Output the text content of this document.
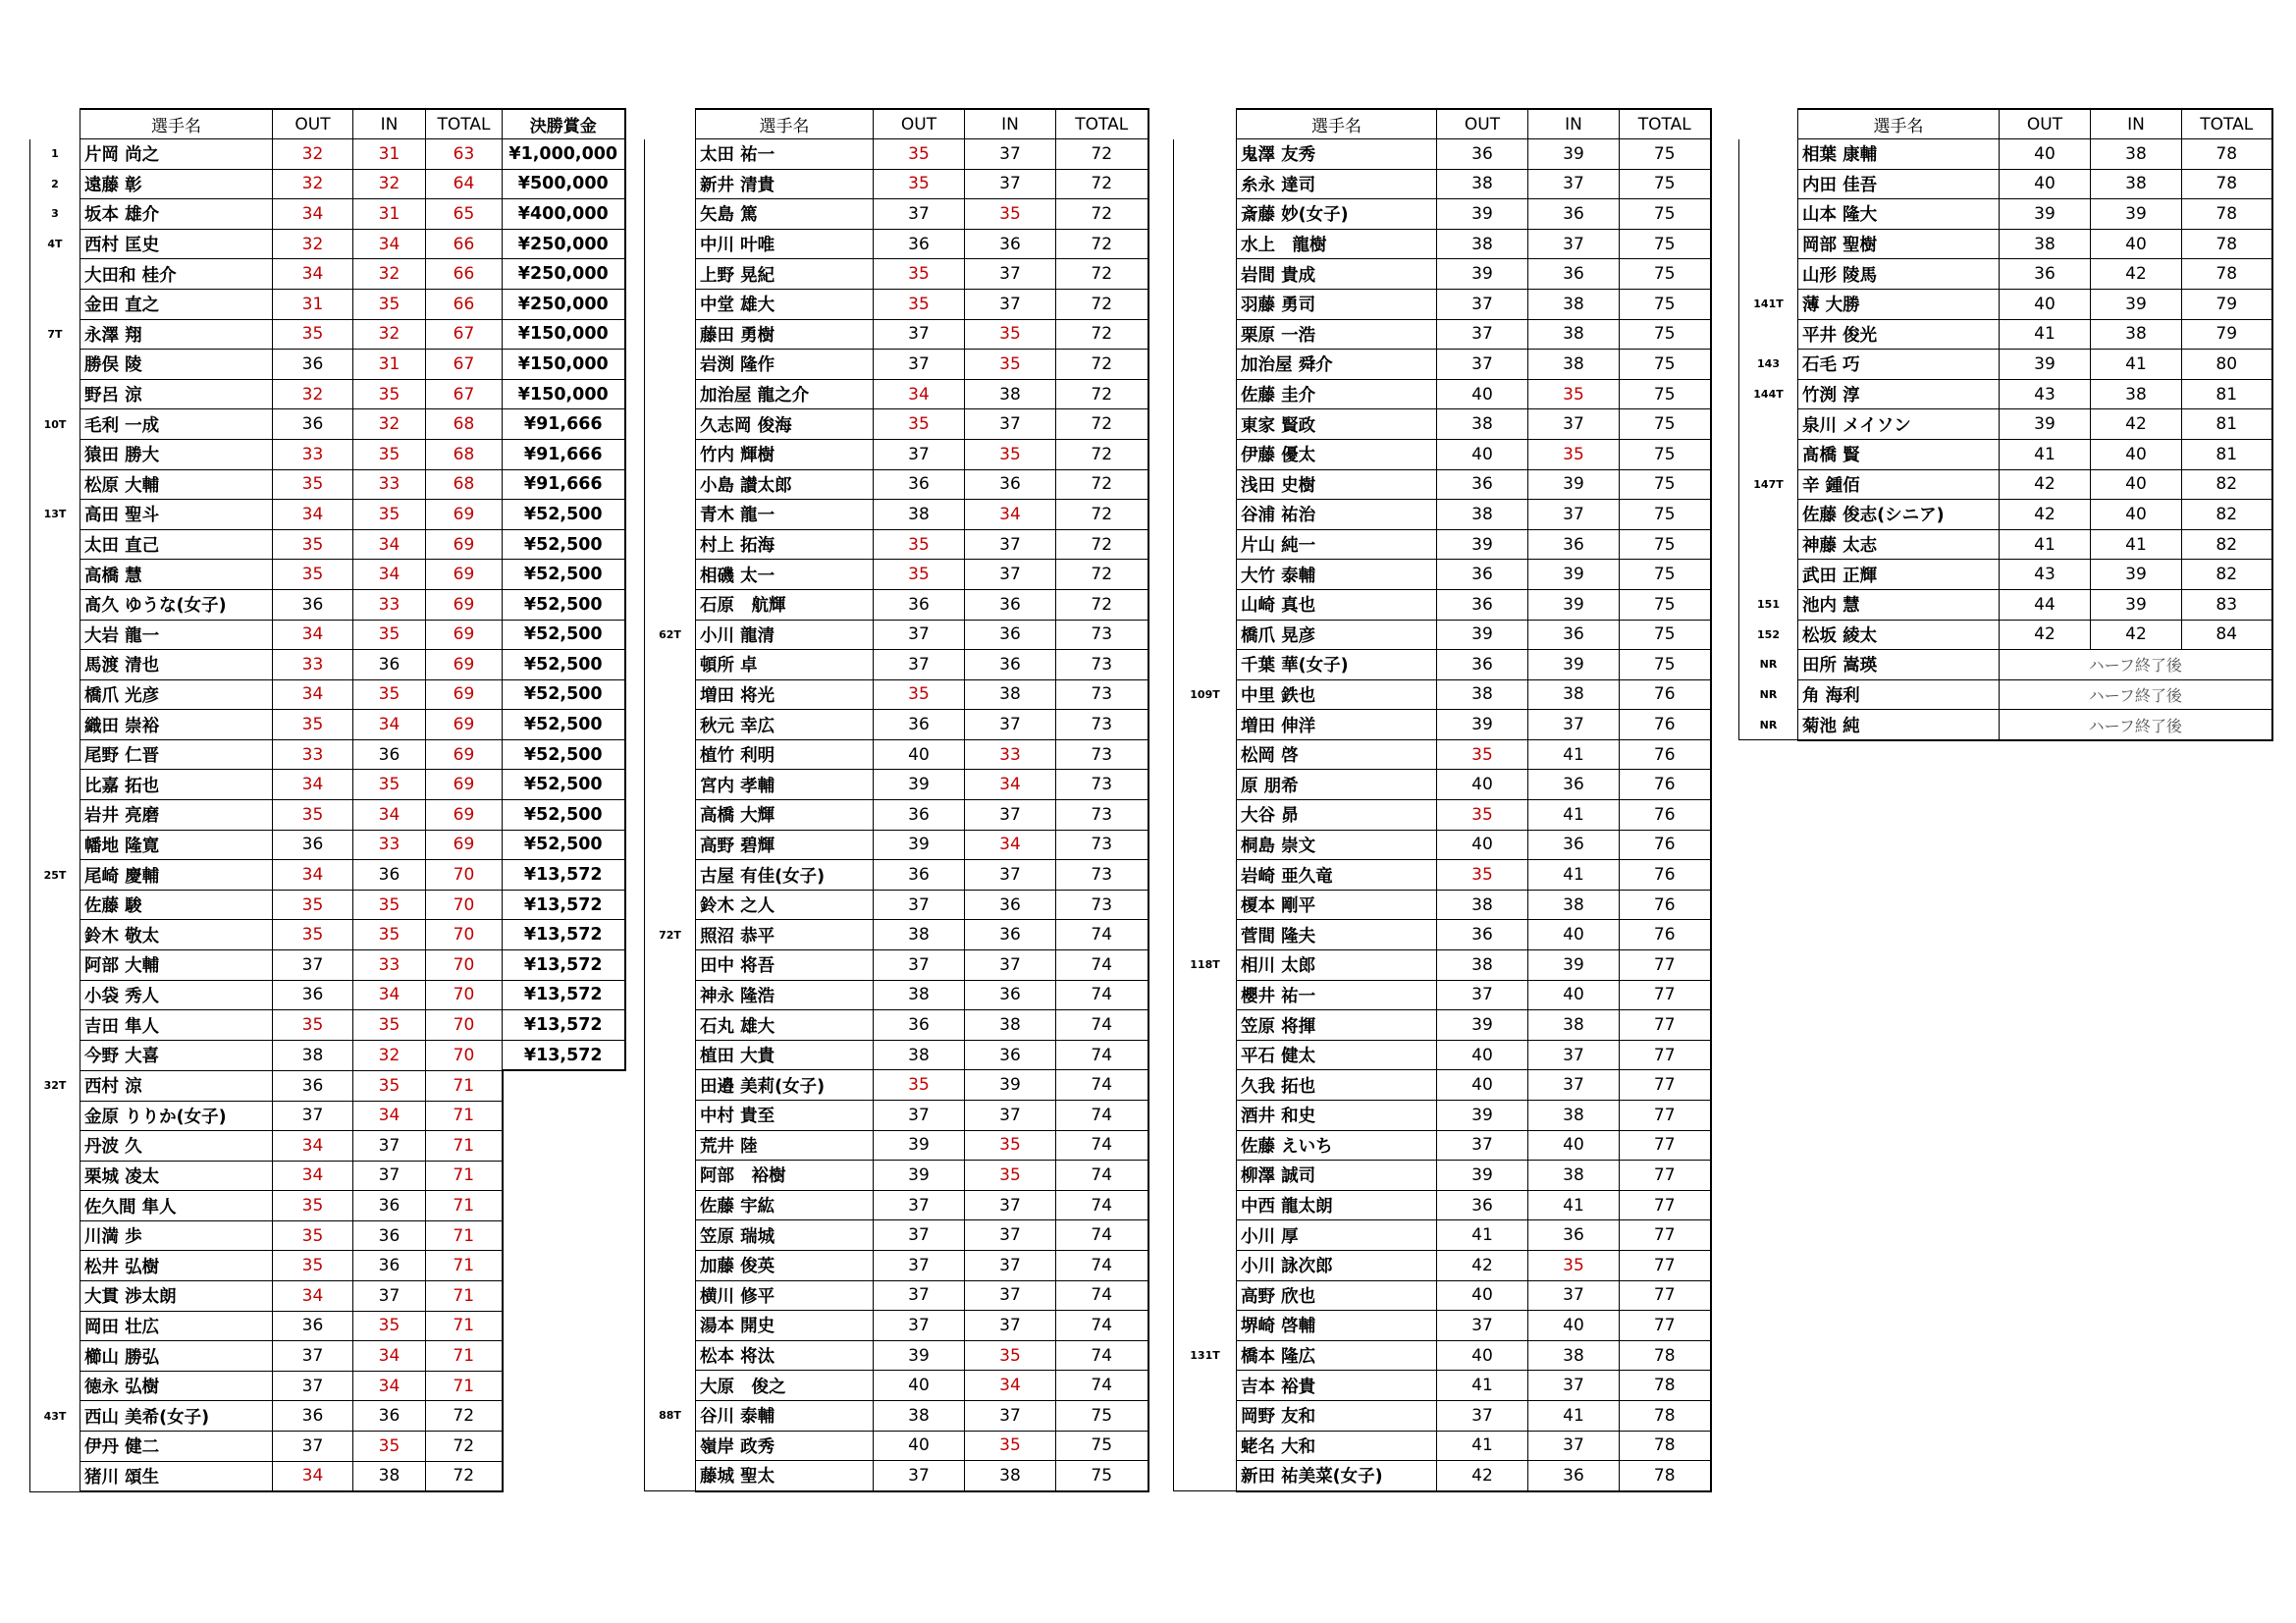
	選手名	OUT	IN	TOTAL	決勝賞金
1	片岡 尚之	32	31	63	¥1,000,000
2	遠藤 彰	32	32	64	¥500,000
3	坂本 雄介	34	31	65	¥400,000
4T	西村 匡史	32	34	66	¥250,000
	大田和 桂介	34	32	66	¥250,000
	金田 直之	31	35	66	¥250,000
7T	永澤 翔	35	32	67	¥150,000
	勝俣 陵	36	31	67	¥150,000
	野呂 涼	32	35	67	¥150,000
10T	毛利 一成	36	32	68	¥91,666
	猿田 勝大	33	35	68	¥91,666
	松原 大輔	35	33	68	¥91,666
13T	高田 聖斗	34	35	69	¥52,500
	太田 直己	35	34	69	¥52,500
	高橋 慧	35	34	69	¥52,500
	髙久 ゆうな(女子)	36	33	69	¥52,500
	大岩 龍一	34	35	69	¥52,500
	馬渡 清也	33	36	69	¥52,500
	橋爪 光彦	34	35	69	¥52,500
	織田 崇裕	35	34	69	¥52,500
	尾野 仁晋	33	36	69	¥52,500
	比嘉 拓也	34	35	69	¥52,500
	岩井 亮磨	35	34	69	¥52,500
	幡地 隆寛	36	33	69	¥52,500
25T	尾崎 慶輔	34	36	70	¥13,572
	佐藤 駿	35	35	70	¥13,572
	鈴木 敬太	35	35	70	¥13,572
	阿部 大輔	37	33	70	¥13,572
	小袋 秀人	36	34	70	¥13,572
	吉田 隼人	35	35	70	¥13,572
	今野 大喜	38	32	70	¥13,572
32T	西村 涼	36	35	71	
	金原 りりか(女子)	37	34	71	
	丹波 久	34	37	71	
	栗城 凌太	34	37	71	
	佐久間 隼人	35	36	71	
	川満 歩	35	36	71	
	松井 弘樹	35	36	71	
	大貫 渉太朗	34	37	71	
	岡田 壮広	36	35	71	
	櫛山 勝弘	37	34	71	
	徳永 弘樹	37	34	71	
43T	西山 美希(女子)	36	36	72	
	伊丹 健二	37	35	72	
	猪川 頌生	34	38	72	
	選手名	OUT	IN	TOTAL
	太田 祐一	35	37	72
	新井 清貴	35	37	72
	矢島 篤	37	35	72
	中川 叶唯	36	36	72
	上野 晃紀	35	37	72
	中堂 雄大	35	37	72
	藤田 勇樹	37	35	72
	岩渕 隆作	37	35	72
	加治屋 龍之介	34	38	72
	久志岡 俊海	35	37	72
	竹内 輝樹	37	35	72
	小島 讃太郎	36	36	72
	青木 龍一	38	34	72
	村上 拓海	35	37	72
	相磯 太一	35	37	72
	石原　航輝	36	36	72
62T	小川 龍清	37	36	73
	頓所 卓	37	36	73
	増田 将光	35	38	73
	秋元 幸広	36	37	73
	植竹 利明	40	33	73
	宮内 孝輔	39	34	73
	高橋 大輝	36	37	73
	高野 碧輝	39	34	73
	古屋 有佳(女子)	36	37	73
	鈴木 之人	37	36	73
72T	照沼 恭平	38	36	74
	田中 将吾	37	37	74
	神永 隆浩	38	36	74
	石丸 雄大	36	38	74
	植田 大貴	38	36	74
	田邉 美莉(女子)	35	39	74
	中村 貴至	37	37	74
	荒井 陸	39	35	74
	阿部　裕樹	39	35	74
	佐藤 宇紘	37	37	74
	笠原 瑞城	37	37	74
	加藤 俊英	37	37	74
	横川 修平	37	37	74
	湯本 開史	37	37	74
	松本 将汰	39	35	74
	大原　俊之	40	34	74
88T	谷川 泰輔	38	37	75
	嶺岸 政秀	40	35	75
	藤城 聖太	37	38	75
	選手名	OUT	IN	TOTAL
	鬼澤 友秀	36	39	75
	糸永 達司	38	37	75
	斎藤 妙(女子)	39	36	75
	水上　龍樹	38	37	75
	岩間 貴成	39	36	75
	羽藤 勇司	37	38	75
	栗原 一浩	37	38	75
	加治屋 舜介	37	38	75
	佐藤 圭介	40	35	75
	東家 賢政	38	37	75
	伊藤 優太	40	35	75
	浅田 史樹	36	39	75
	谷浦 祐治	38	37	75
	片山 純一	39	36	75
	大竹 泰輔	36	39	75
	山崎 真也	36	39	75
	橋爪 晃彦	39	36	75
	千葉 華(女子)	36	39	75
109T	中里 鉄也	38	38	76
	増田 伸洋	39	37	76
	松岡 啓	35	41	76
	原 朋希	40	36	76
	大谷 昴	35	41	76
	桐島 崇文	40	36	76
	岩崎 亜久竜	35	41	76
	榎本 剛平	38	38	76
	菅間 隆夫	36	40	76
118T	相川 太郎	38	39	77
	櫻井 祐一	37	40	77
	笠原 将揮	39	38	77
	平石 健太	40	37	77
	久我 拓也	40	37	77
	酒井 和史	39	38	77
	佐藤 えいち	37	40	77
	柳澤 誠司	39	38	77
	中西 龍太朗	36	41	77
	小川 厚	41	36	77
	小川 詠次郎	42	35	77
	高野 欣也	40	37	77
	堺崎 啓輔	37	40	77
131T	橋本 隆広	40	38	78
	吉本 裕貴	41	37	78
	岡野 友和	37	41	78
	蛯名 大和	41	37	78
	新田 祐美菜(女子)	42	36	78
	選手名	OUT	IN	TOTAL
	相葉 康輔	40	38	78
	内田 佳吾	40	38	78
	山本 隆大	39	39	78
	岡部 聖樹	38	40	78
	山形 陵馬	36	42	78
141T	薄 大勝	40	39	79
	平井 俊光	41	38	79
143	石毛 巧	39	41	80
144T	竹渕 淳	43	38	81
	泉川 メイソン	39	42	81
	髙橋 賢	41	40	81
147T	辛 鍾佰	42	40	82
	佐藤 俊志(シニア)	42	40	82
	神藤 太志	41	41	82
	武田 正輝	43	39	82
151	池内 慧	44	39	83
152	松坂 綾太	42	42	84
NR	田所 嵩瑛	ハーフ終了後		
NR	角 海利	ハーフ終了後		
NR	菊池 純	ハーフ終了後		
